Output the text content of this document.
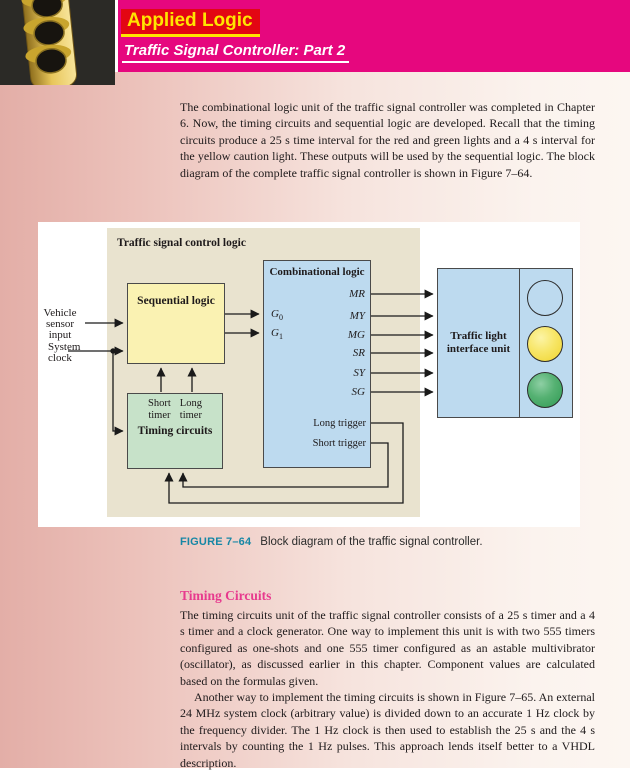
Applied Logic
Traffic Signal Controller: Part 2
The combinational logic unit of the traffic signal controller was completed in Chapter 6. Now, the timing circuits and sequential logic are developed. Recall that the timing circuits produce a 25 s time interval for the red and green lights and a 4 s interval for the yellow caution light. These outputs will be used by the sequential logic. The block diagram of the complete traffic signal controller is shown in Figure 7–64.
Traffic signal control logic
Sequential logic
Short
timer
Long
timer
Timing circuits
Combinational logic
$G_0$
$G_1$
MR
MY
MG
SR
SY
SG
Long trigger
Short trigger
Traffic light
interface unit
Vehicle
sensor
input
System
clock
FIGURE 7–64 Block diagram of the traffic signal controller.
Timing Circuits

The timing circuits unit of the traffic signal controller consists of a 25 s timer and a 4 s timer and a clock generator. One way to implement this unit is with two 555 timers configured as one-shots and one 555 timer configured as an astable multivibrator (oscillator), as discussed earlier in this chapter. Component values are calculated based on the formulas given.

Another way to implement the timing circuits is shown in Figure 7–65. An external 24 MHz system clock (arbitrary value) is divided down to an accurate 1 Hz clock by the frequency divider. The 1 Hz clock is then used to establish the 25 s and the 4 s intervals by counting the 1 Hz pulses. This approach lends itself better to a VHDL description.
